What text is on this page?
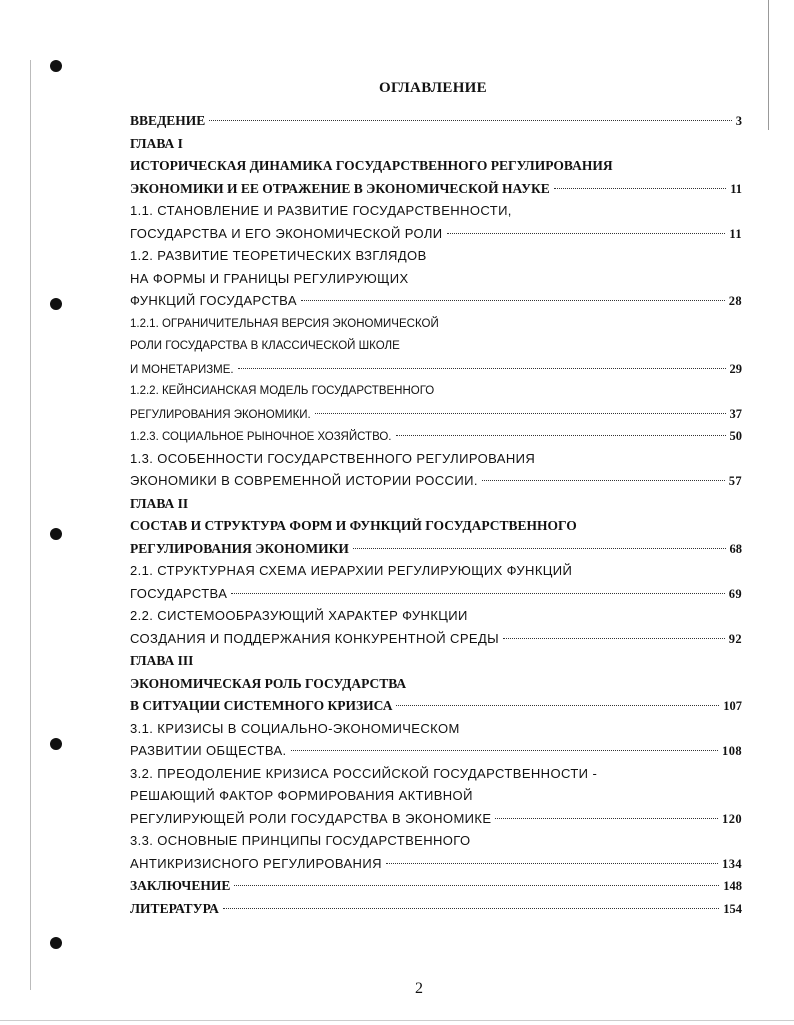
ОГЛАВЛЕНИЕ
ВВЕДЕНИЕ	3
ГЛАВА I
ИСТОРИЧЕСКАЯ ДИНАМИКА ГОСУДАРСТВЕННОГО РЕГУЛИРОВАНИЯ
ЭКОНОМИКИ И ЕЕ ОТРАЖЕНИЕ В ЭКОНОМИЧЕСКОЙ НАУКЕ	11
1.1. СТАНОВЛЕНИЕ И РАЗВИТИЕ ГОСУДАРСТВЕННОСТИ,
ГОСУДАРСТВА И ЕГО ЭКОНОМИЧЕСКОЙ РОЛИ	11
1.2. РАЗВИТИЕ ТЕОРЕТИЧЕСКИХ ВЗГЛЯДОВ
НА ФОРМЫ И ГРАНИЦЫ РЕГУЛИРУЮЩИХ
ФУНКЦИЙ ГОСУДАРСТВА	28
1.2.1. ОГРАНИЧИТЕЛЬНАЯ ВЕРСИЯ ЭКОНОМИЧЕСКОЙ
РОЛИ ГОСУДАРСТВА В КЛАССИЧЕСКОЙ ШКОЛЕ
И МОНЕТАРИЗМЕ.	29
1.2.2. КЕЙНСИАНСКАЯ МОДЕЛЬ ГОСУДАРСТВЕННОГО
РЕГУЛИРОВАНИЯ ЭКОНОМИКИ.	37
1.2.3. СОЦИАЛЬНОЕ РЫНОЧНОЕ ХОЗЯЙСТВО.	50
1.3. ОСОБЕННОСТИ ГОСУДАРСТВЕННОГО РЕГУЛИРОВАНИЯ
ЭКОНОМИКИ В СОВРЕМЕННОЙ ИСТОРИИ РОССИИ.	57
ГЛАВА II
СОСТАВ И СТРУКТУРА ФОРМ И ФУНКЦИЙ ГОСУДАРСТВЕННОГО
РЕГУЛИРОВАНИЯ ЭКОНОМИКИ	68
2.1. СТРУКТУРНАЯ СХЕМА ИЕРАРХИИ РЕГУЛИРУЮЩИХ ФУНКЦИЙ
ГОСУДАРСТВА	69
2.2. СИСТЕМООБРАЗУЮЩИЙ ХАРАКТЕР ФУНКЦИИ
СОЗДАНИЯ И ПОДДЕРЖАНИЯ КОНКУРЕНТНОЙ СРЕДЫ	92
ГЛАВА III
ЭКОНОМИЧЕСКАЯ РОЛЬ ГОСУДАРСТВА
В СИТУАЦИИ СИСТЕМНОГО КРИЗИСА	107
3.1. КРИЗИСЫ В СОЦИАЛЬНО-ЭКОНОМИЧЕСКОМ
РАЗВИТИИ ОБЩЕСТВА.	108
3.2. ПРЕОДОЛЕНИЕ КРИЗИСА РОССИЙСКОЙ ГОСУДАРСТВЕННОСТИ -
РЕШАЮЩИЙ ФАКТОР ФОРМИРОВАНИЯ АКТИВНОЙ
РЕГУЛИРУЮЩЕЙ РОЛИ ГОСУДАРСТВА В ЭКОНОМИКЕ	120
3.3. ОСНОВНЫЕ ПРИНЦИПЫ ГОСУДАРСТВЕННОГО
АНТИКРИЗИСНОГО РЕГУЛИРОВАНИЯ	134
ЗАКЛЮЧЕНИЕ	148
ЛИТЕРАТУРА	154
2
